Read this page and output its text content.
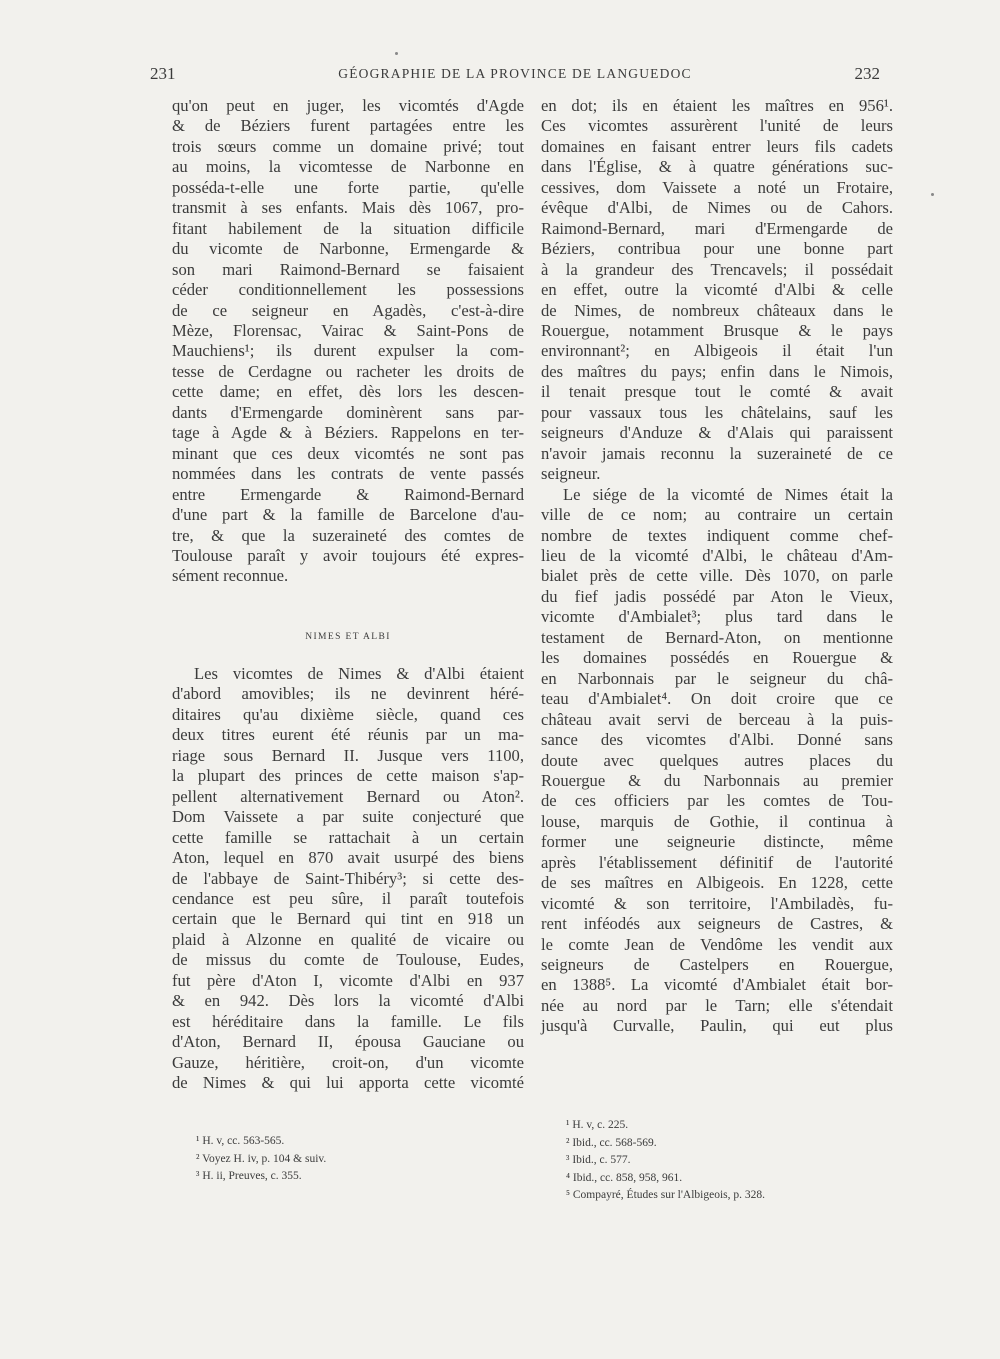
231	GÉOGRAPHIE DE LA PROVINCE DE LANGUEDOC	232
qu'on peut en juger, les vicomtés d'Agde
& de Béziers furent partagées entre les
trois sœurs comme un domaine privé; tout
au moins, la vicomtesse de Narbonne en
posséda-t-elle une forte partie, qu'elle
transmit à ses enfants. Mais dès 1067, pro-
fitant habilement de la situation difficile
du vicomte de Narbonne, Ermengarde &
son mari Raimond-Bernard se faisaient
céder conditionnellement les possessions
de ce seigneur en Agadès, c'est-à-dire
Mèze, Florensac, Vairac & Saint-Pons de
Mauchiens¹; ils durent expulser la com-
tesse de Cerdagne ou racheter les droits de
cette dame; en effet, dès lors les descen-
dants d'Ermengarde dominèrent sans par-
tage à Agde & à Béziers. Rappelons en ter-
minant que ces deux vicomtés ne sont pas
nommées dans les contrats de vente passés
entre Ermengarde & Raimond-Bernard
d'une part & la famille de Barcelone d'au-
tre, & que la suzeraineté des comtes de
Toulouse paraît y avoir toujours été expres-
sément reconnue.
NIMES ET ALBI
Les vicomtes de Nimes & d'Albi étaient
d'abord amovibles; ils ne devinrent héré-
ditaires qu'au dixième siècle, quand ces
deux titres eurent été réunis par un ma-
riage sous Bernard II. Jusque vers 1100,
la plupart des princes de cette maison s'ap-
pellent alternativement Bernard ou Aton².
Dom Vaissete a par suite conjecturé que
cette famille se rattachait à un certain
Aton, lequel en 870 avait usurpé des biens
de l'abbaye de Saint-Thibéry³; si cette des-
cendance est peu sûre, il paraît toutefois
certain que le Bernard qui tint en 918 un
plaid à Alzonne en qualité de vicaire ou
de missus du comte de Toulouse, Eudes,
fut père d'Aton I, vicomte d'Albi en 937
& en 942. Dès lors la vicomté d'Albi
est héréditaire dans la famille. Le fils
d'Aton, Bernard II, épousa Gauciane ou
Gauze, héritière, croit-on, d'un vicomte
de Nimes & qui lui apporta cette vicomté
en dot; ils en étaient les maîtres en 956¹.
Ces vicomtes assurèrent l'unité de leurs
domaines en faisant entrer leurs fils cadets
dans l'Église, & à quatre générations suc-
cessives, dom Vaissete a noté un Frotaire,
évêque d'Albi, de Nimes ou de Cahors.
Raimond-Bernard, mari d'Ermengarde de
Béziers, contribua pour une bonne part
à la grandeur des Trencavels; il possédait
en effet, outre la vicomté d'Albi & celle
de Nimes, de nombreux châteaux dans le
Rouergue, notamment Brusque & le pays
environnant²; en Albigeois il était l'un
des maîtres du pays; enfin dans le Nimois,
il tenait presque tout le comté & avait
pour vassaux tous les châtelains, sauf les
seigneurs d'Anduze & d'Alais qui paraissent
n'avoir jamais reconnu la suzeraineté de ce
seigneur.
Le siége de la vicomté de Nimes était la
ville de ce nom; au contraire un certain
nombre de textes indiquent comme chef-
lieu de la vicomté d'Albi, le château d'Am-
bialet près de cette ville. Dès 1070, on parle
du fief jadis possédé par Aton le Vieux,
vicomte d'Ambialet³; plus tard dans le
testament de Bernard-Aton, on mentionne
les domaines possédés en Rouergue &
en Narbonnais par le seigneur du châ-
teau d'Ambialet⁴. On doit croire que ce
château avait servi de berceau à la puis-
sance des vicomtes d'Albi. Donné sans
doute avec quelques autres places du
Rouergue & du Narbonnais au premier
de ces officiers par les comtes de Tou-
louse, marquis de Gothie, il continua à
former une seigneurie distincte, même
après l'établissement définitif de l'autorité
de ses maîtres en Albigeois. En 1228, cette
vicomté & son territoire, l'Ambiladès, fu-
rent inféodés aux seigneurs de Castres, &
le comte Jean de Vendôme les vendit aux
seigneurs de Castelpers en Rouergue,
en 1388⁵. La vicomté d'Ambialet était bor-
née au nord par le Tarn; elle s'étendait
jusqu'à Curvalle, Paulin, qui eut plus
¹ H. v, cc. 563-565.
² Voyez H. iv, p. 104 & suiv.
³ H. ii, Preuves, c. 355.
¹ H. v, c. 225.
² Ibid., cc. 568-569.
³ Ibid., c. 577.
⁴ Ibid., cc. 858, 958, 961.
⁵ Compayré, Études sur l'Albigeois, p. 328.
